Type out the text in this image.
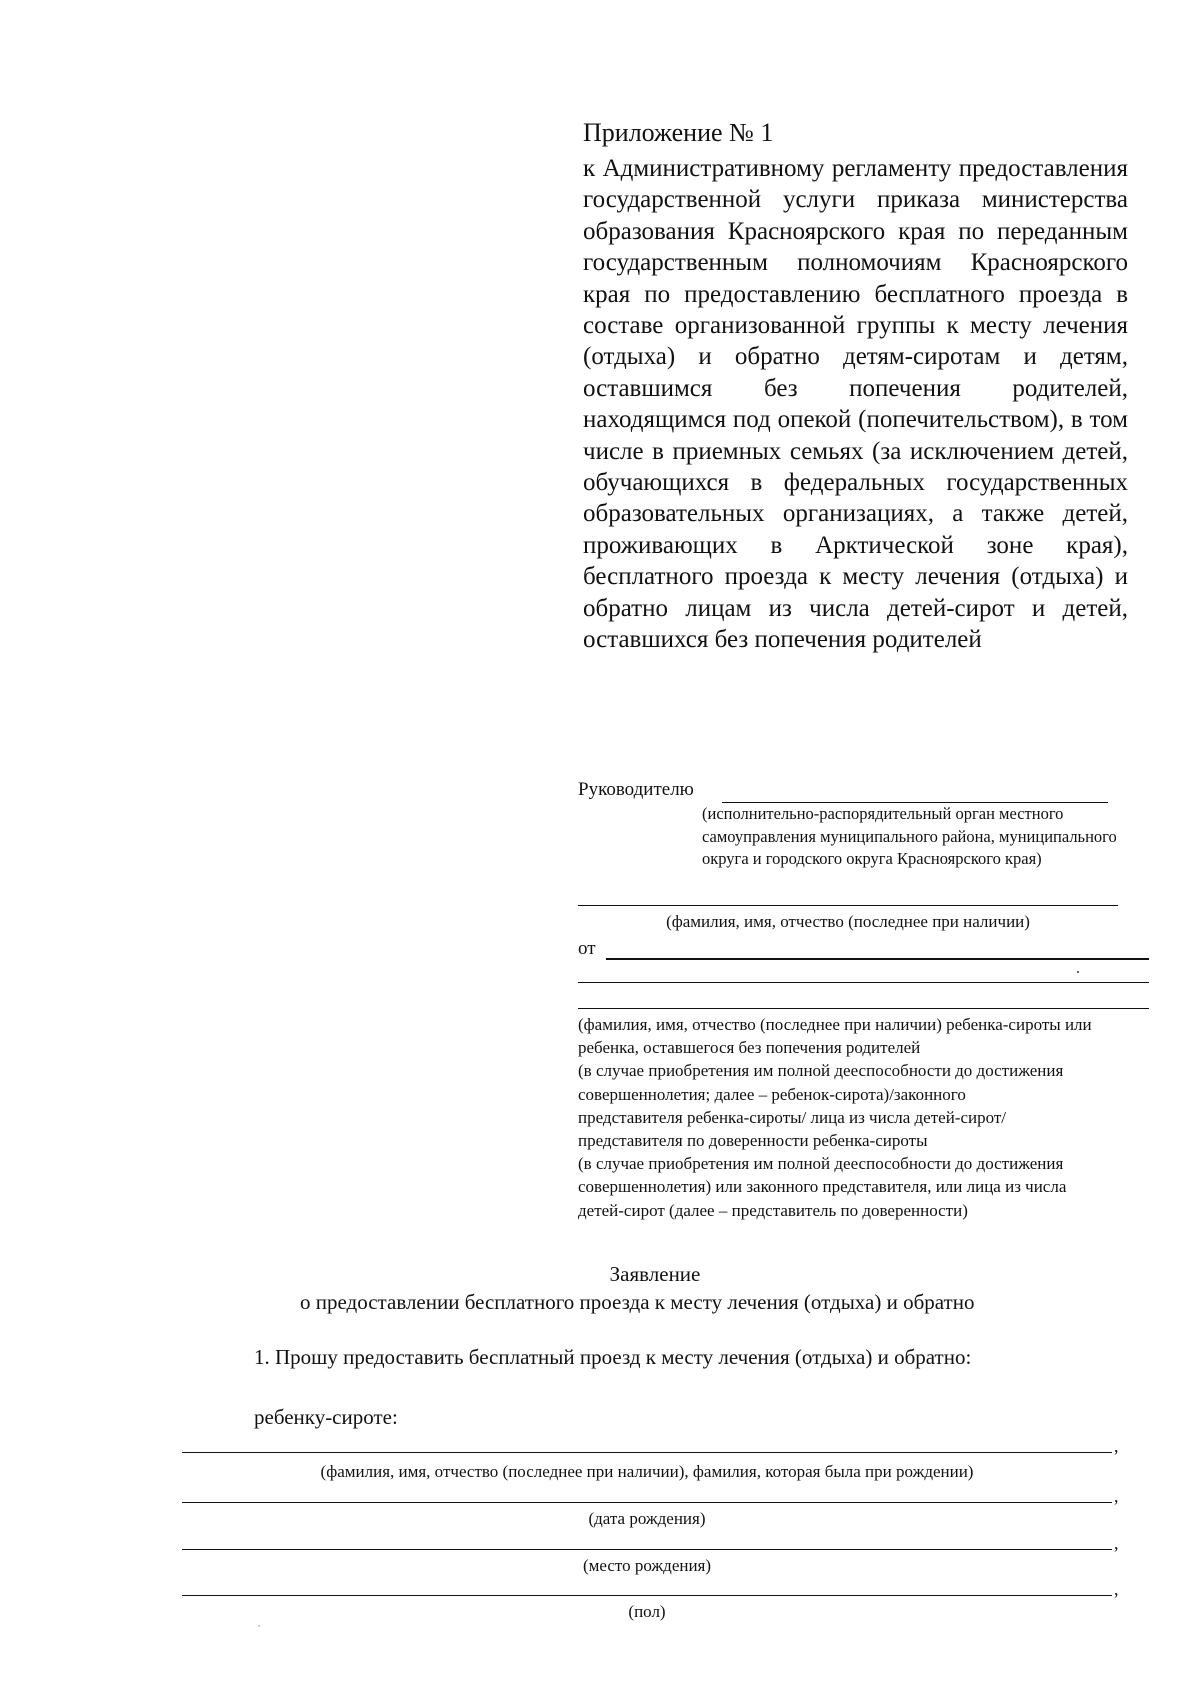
Приложение № 1

к Административному регламенту предоставления государственной услуги приказа министерства образования Красноярского края по переданным государственным полномочиям Красноярского края по предоставлению бесплатного проезда в составе организованной группы к месту лечения (отдыха) и обратно детям-сиротам и детям, оставшимся без попечения родителей, находящимся под опекой (попечительством), в том числе в приемных семьях (за исключением детей, обучающихся в федеральных государственных образовательных организациях, а также детей, проживающих в Арктической зоне края), бесплатного проезда к месту лечения (отдыха) и обратно лицам из числа детей-сирот и детей, оставшихся без попечения родителей

Руководителю

(исполнительно-распорядительный орган местного самоуправления муниципального района, муниципального округа и городского округа Красноярского края)

(фамилия, имя, отчество (последнее при наличии)
от
(фамилия, имя, отчество (последнее при наличии) ребенка-сироты или
ребенка, оставшегося без попечения родителей
(в случае приобретения им полной дееспособности до достижения
совершеннолетия; далее – ребенок-сирота)/законного
представителя ребенка-сироты/ лица из числа детей-сирот/
представителя по доверенности ребенка-сироты
(в случае приобретения им полной дееспособности до достижения
совершеннолетия) или законного представителя, или лица из числа
детей-сирот (далее – представитель по доверенности)
Заявление
о предоставлении бесплатного проезда к месту лечения (отдыха) и обратно
1. Прошу предоставить бесплатный проезд к месту лечения (отдыха) и обратно:
ребенку-сироте:
,
(фамилия, имя, отчество (последнее при наличии), фамилия, которая была при рождении)
,
(дата рождения)
,
(место рождения)
,
(пол)
